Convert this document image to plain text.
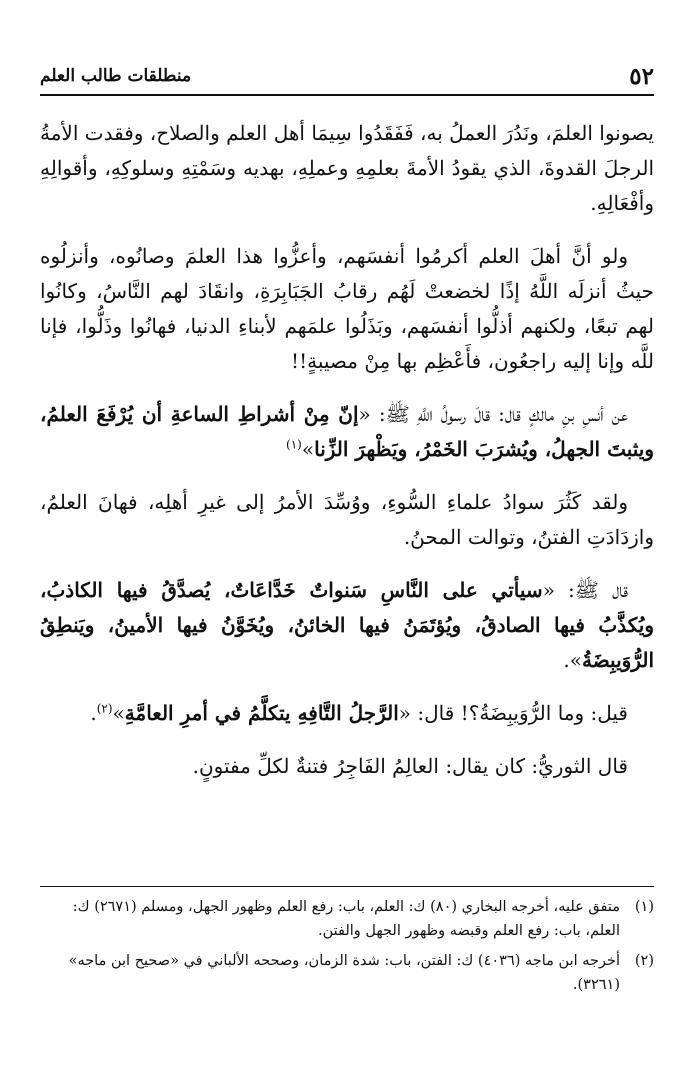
٥٢
منطلقات طالب العلم

يصونوا العلمَ، ونَدُرَ العملُ به، فَفَقَدُوا سِيمَا أهل العلم والصلاح، وفقدت الأمةُ الرجلَ القدوةَ، الذي يقودُ الأمةَ بعلمِهِ وعملِهِ، بهديه وسَمْتِهِ وسلوكِهِ، وأقوالِهِ وأفْعَالِهِ.

ولو أنَّ أهلَ العلم أكرمُوا أنفسَهم، وأعزُّوا هذا العلمَ وصانُوه، وأنزلُوه حيثُ أنزلَه اللَّهُ إذًا لخضعتْ لَهُم رقابُ الجَبَابِرَةِ، وانقَادَ لهم النَّاسُ، وكانُوا لهم تبعًا، ولكنهم أذلُّوا أنفسَهم، وبَذَلُوا علمَهم لأبناءِ الدنيا، فهانُوا وذَلُّوا، فإنا للَّه وإنا إليه راجعُون، فأَعْظِم بها مِنْ مصيبةٍ!!

عن أنسِ بنِ مالكٍ قال: قالَ رسولُ اللَّهِ ﷺ: «إنّ مِنْ أشراطِ الساعةِ أن يُرْفَعَ العلمُ، ويثبتَ الجهلُ، ويُشرَبَ الخَمْرُ، ويَظْهرَ الزِّنا»$^{(١)}$

ولقد كَثُرَ سوادُ علماءِ السُّوءِ، ووُسِّدَ الأمرُ إلى غيرِ أهلِه، فهانَ العلمُ، وازدَادَتِ الفتنُ، وتوالت المحنُ.

قال ﷺ: «سيأتي على النَّاسِ سَنواتٌ خَدَّاعَاتٌ، يُصدَّقُ فيها الكاذبُ، ويُكذَّبُ فيها الصادقُ، ويُؤتَمَنُ فيها الخائنُ، ويُخَوَّنُ فيها الأمينُ، ويَنطِقُ الرُّوَيبِضَةُ».

قيل: وما الرُّوَيبِضَةُ؟! قال: «الرَّجلُ التَّافِهِ يتكلَّمُ في أمرِ العامَّةِ»$^{(٢)}$.

قال الثوريُّ: كان يقال: العالِمُ الفَاجِرُ فتنةٌ لكلِّ مفتونٍ.

(١)
متفق عليه، أخرجه البخاري (٨٠) ك: العلم، باب: رفع العلم وظهور الجهل، ومسلم (٢٦٧١) ك: العلم، باب: رفع العلم وقبضه وظهور الجهل والفتن.
(٢)
أخرجه ابن ماجه (٤٠٣٦) ك: الفتن، باب: شدة الزمان، وصححه الألباني في «صحيح ابن ماجه» (٣٢٦١).
